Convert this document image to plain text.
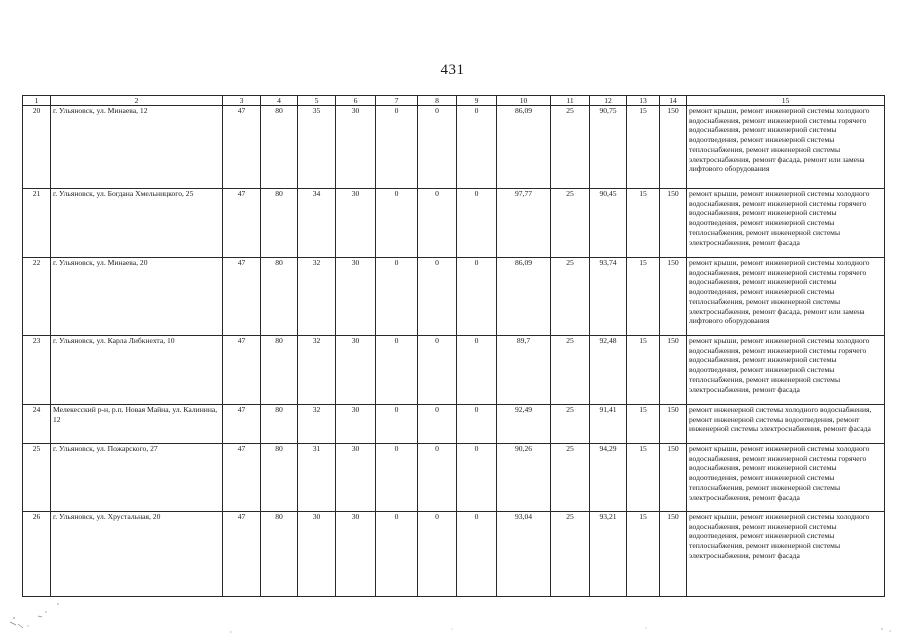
431
1	2	3	4	5	6	7	8	9	10	11	12	13	14	15
20	г. Ульяновск, ул. Минаева, 12	47	80	35	30	0	0	0	86,09	25	90,75	15	150	ремонт крыши, ремонт инженерной системы холодного водоснабжения, ремонт инженерной системы горячего водоснабжения, ремонт инженерной системы водоотведения, ремонт инженерной системы теплоснабжения, ремонт инженерной системы электроснабжения, ремонт фасада, ремонт или замена лифтового оборудования
21	г. Ульяновск, ул. Богдана Хмельницкого, 25	47	80	34	30	0	0	0	97,77	25	90,45	15	150	ремонт крыши, ремонт инженерной системы холодного водоснабжения, ремонт инженерной системы горячего водоснабжения, ремонт инженерной системы водоотведения, ремонт инженерной системы теплоснабжения, ремонт инженерной системы электроснабжения, ремонт фасада
22	г. Ульяновск, ул. Минаева, 20	47	80	32	30	0	0	0	86,09	25	93,74	15	150	ремонт крыши, ремонт инженерной системы холодного водоснабжения, ремонт инженерной системы горячего водоснабжения, ремонт инженерной системы водоотведения, ремонт инженерной системы теплоснабжения, ремонт инженерной системы электроснабжения, ремонт фасада, ремонт или замена лифтового оборудования
23	г. Ульяновск, ул. Карла Либкнехта, 10	47	80	32	30	0	0	0	89,7	25	92,48	15	150	ремонт крыши, ремонт инженерной системы холодного водоснабжения, ремонт инженерной системы горячего водоснабжения, ремонт инженерной системы водоотведения, ремонт инженерной системы теплоснабжения, ремонт инженерной системы электроснабжения, ремонт фасада
24	Мелекесский р-н, р.п. Новая Майна, ул. Калинина, 12	47	80	32	30	0	0	0	92,49	25	91,41	15	150	ремонт инженерной системы холодного водоснабжения, ремонт инженерной системы водоотведения, ремонт инженерной системы электроснабжения, ремонт фасада
25	г. Ульяновск, ул. Пожарского, 27	47	80	31	30	0	0	0	90,26	25	94,29	15	150	ремонт крыши, ремонт инженерной системы холодного водоснабжения, ремонт инженерной системы горячего водоснабжения, ремонт инженерной системы водоотведения, ремонт инженерной системы теплоснабжения, ремонт инженерной системы электроснабжения, ремонт фасада
26	г. Ульяновск, ул. Хрустальная, 20	47	80	30	30	0	0	0	93,04	25	93,21	15	150	ремонт крыши, ремонт инженерной системы холодного водоснабжения, ремонт инженерной системы водоотведения, ремонт инженерной системы теплоснабжения, ремонт инженерной системы электроснабжения, ремонт фасада
